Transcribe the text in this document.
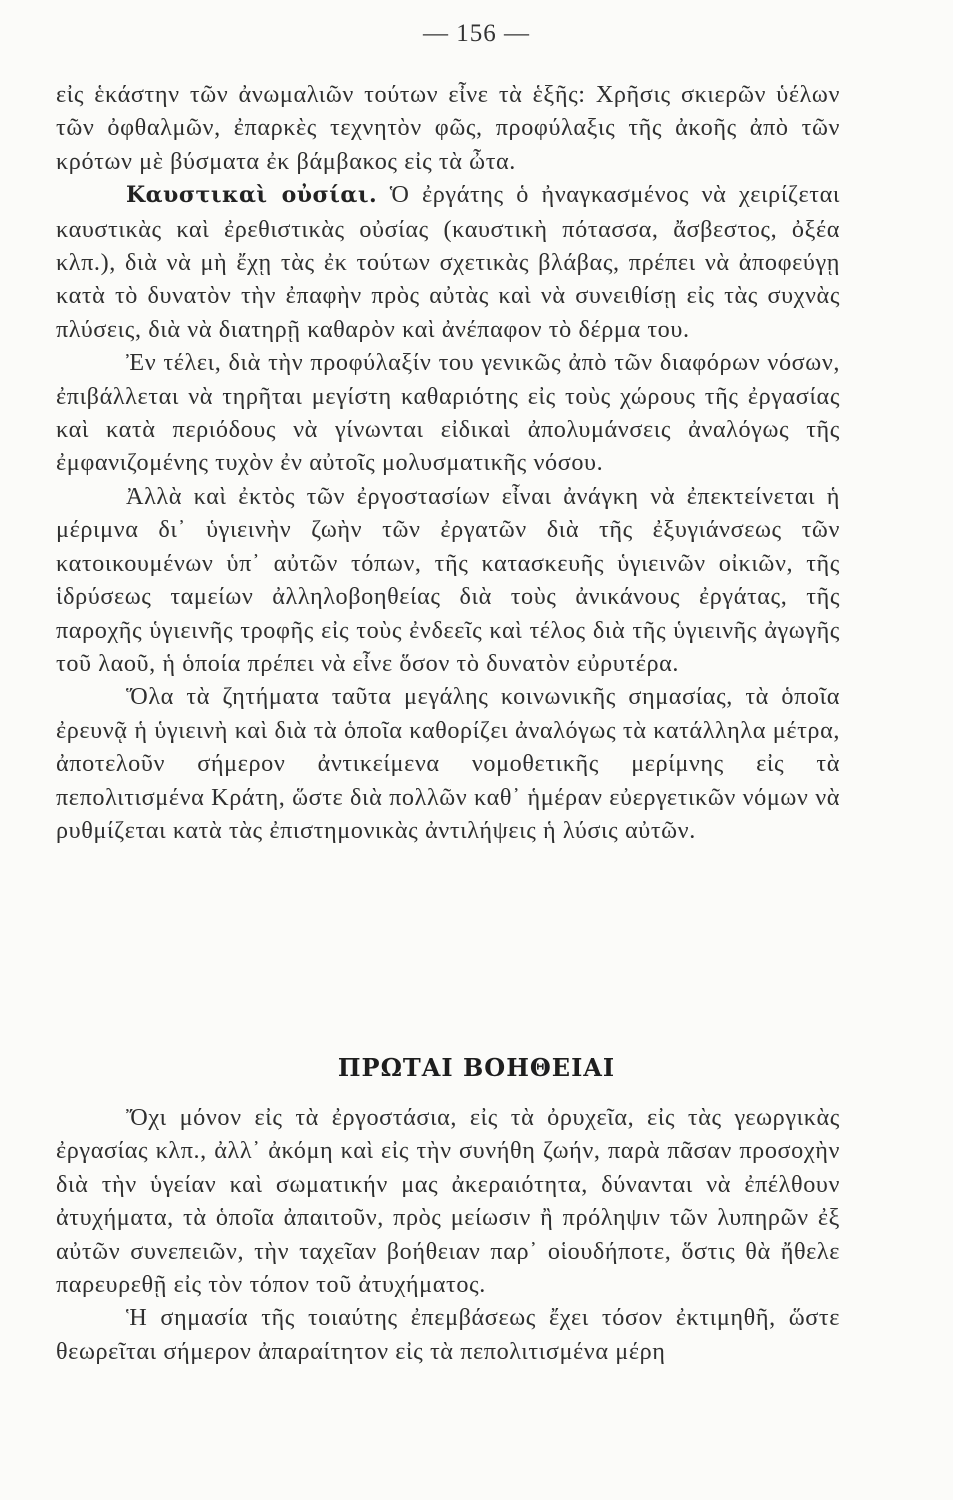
— 156 —

εἰς ἑκάστην τῶν ἀνωμαλιῶν τούτων εἶνε τὰ ἑξῆς: Χρῆσις σκιερῶν ὑέλων τῶν ὀφθαλμῶν, ἐπαρκὲς τεχνητὸν φῶς, προφύλαξις τῆς ἀκοῆς ἀπὸ τῶν κρότων μὲ βύσματα ἐκ βάμβακος εἰς τὰ ὦτα.

Καυστικαὶ οὐσίαι. Ὁ ἐργάτης ὁ ἠναγκασμένος νὰ χειρίζεται καυστικὰς καὶ ἐρεθιστικὰς οὐσίας (καυστικὴ πότασσα, ἄσβεστος, ὀξέα κλπ.), διὰ νὰ μὴ ἔχῃ τὰς ἐκ τούτων σχετικὰς βλάβας, πρέπει νὰ ἀποφεύγῃ κατὰ τὸ δυνατὸν τὴν ἐπαφὴν πρὸς αὐτὰς καὶ νὰ συνειθίσῃ εἰς τὰς συχνὰς πλύσεις, διὰ νὰ διατηρῇ καθαρὸν καὶ ἀνέπαφον τὸ δέρμα του.

Ἐν τέλει, διὰ τὴν προφύλαξίν του γενικῶς ἀπὸ τῶν διαφόρων νόσων, ἐπιβάλλεται νὰ τηρῆται μεγίστη καθαριότης εἰς τοὺς χώρους τῆς ἐργασίας καὶ κατὰ περιόδους νὰ γίνωνται εἰδικαὶ ἀπολυμάνσεις ἀναλόγως τῆς ἐμφανιζομένης τυχὸν ἐν αὐτοῖς μολυσματικῆς νόσου.

Ἀλλὰ καὶ ἐκτὸς τῶν ἐργοστασίων εἶναι ἀνάγκη νὰ ἐπεκτείνεται ἡ μέριμνα δι᾽ ὑγιεινὴν ζωὴν τῶν ἐργατῶν διὰ τῆς ἐξυγιάνσεως τῶν κατοικουμένων ὑπ᾽ αὐτῶν τόπων, τῆς κατασκευῆς ὑγιεινῶν οἰκιῶν, τῆς ἱδρύσεως ταμείων ἀλληλοβοηθείας διὰ τοὺς ἀνικάνους ἐργάτας, τῆς παροχῆς ὑγιεινῆς τροφῆς εἰς τοὺς ἐνδεεῖς καὶ τέλος διὰ τῆς ὑγιεινῆς ἀγωγῆς τοῦ λαοῦ, ἡ ὁποία πρέπει νὰ εἶνε ὅσον τὸ δυνατὸν εὐρυτέρα.

Ὅλα τὰ ζητήματα ταῦτα μεγάλης κοινωνικῆς σημασίας, τὰ ὁποῖα ἐρευνᾷ ἡ ὑγιεινὴ καὶ διὰ τὰ ὁποῖα καθορίζει ἀναλόγως τὰ κατάλληλα μέτρα, ἀποτελοῦν σήμερον ἀντικείμενα νομοθετικῆς μερίμνης εἰς τὰ πεπολιτισμένα Κράτη, ὥστε διὰ πολλῶν καθ᾽ ἡμέραν εὐεργετικῶν νόμων νὰ ρυθμίζεται κατὰ τὰς ἐπιστημονικὰς ἀντιλήψεις ἡ λύσις αὐτῶν.

ΠΡΩΤΑΙ ΒΟΗΘΕΙΑΙ

Ὄχι μόνον εἰς τὰ ἐργοστάσια, εἰς τὰ ὀρυχεῖα, εἰς τὰς γεωργικὰς ἐργασίας κλπ., ἀλλ᾽ ἀκόμη καὶ εἰς τὴν συνήθη ζωήν, παρὰ πᾶσαν προσοχὴν διὰ τὴν ὑγείαν καὶ σωματικήν μας ἀκεραιότητα, δύνανται νὰ ἐπέλθουν ἀτυχήματα, τὰ ὁποῖα ἀπαιτοῦν, πρὸς μείωσιν ἢ πρόληψιν τῶν λυπηρῶν ἐξ αὐτῶν συνεπειῶν, τὴν ταχεῖαν βοήθειαν παρ᾽ οἱουδήποτε, ὅστις θὰ ἤθελε παρευρεθῇ εἰς τὸν τόπον τοῦ ἀτυχήματος.

Ἡ σημασία τῆς τοιαύτης ἐπεμβάσεως ἔχει τόσον ἐκτιμηθῆ, ὥστε θεωρεῖται σήμερον ἀπαραίτητον εἰς τὰ πεπολιτισμένα μέρη
